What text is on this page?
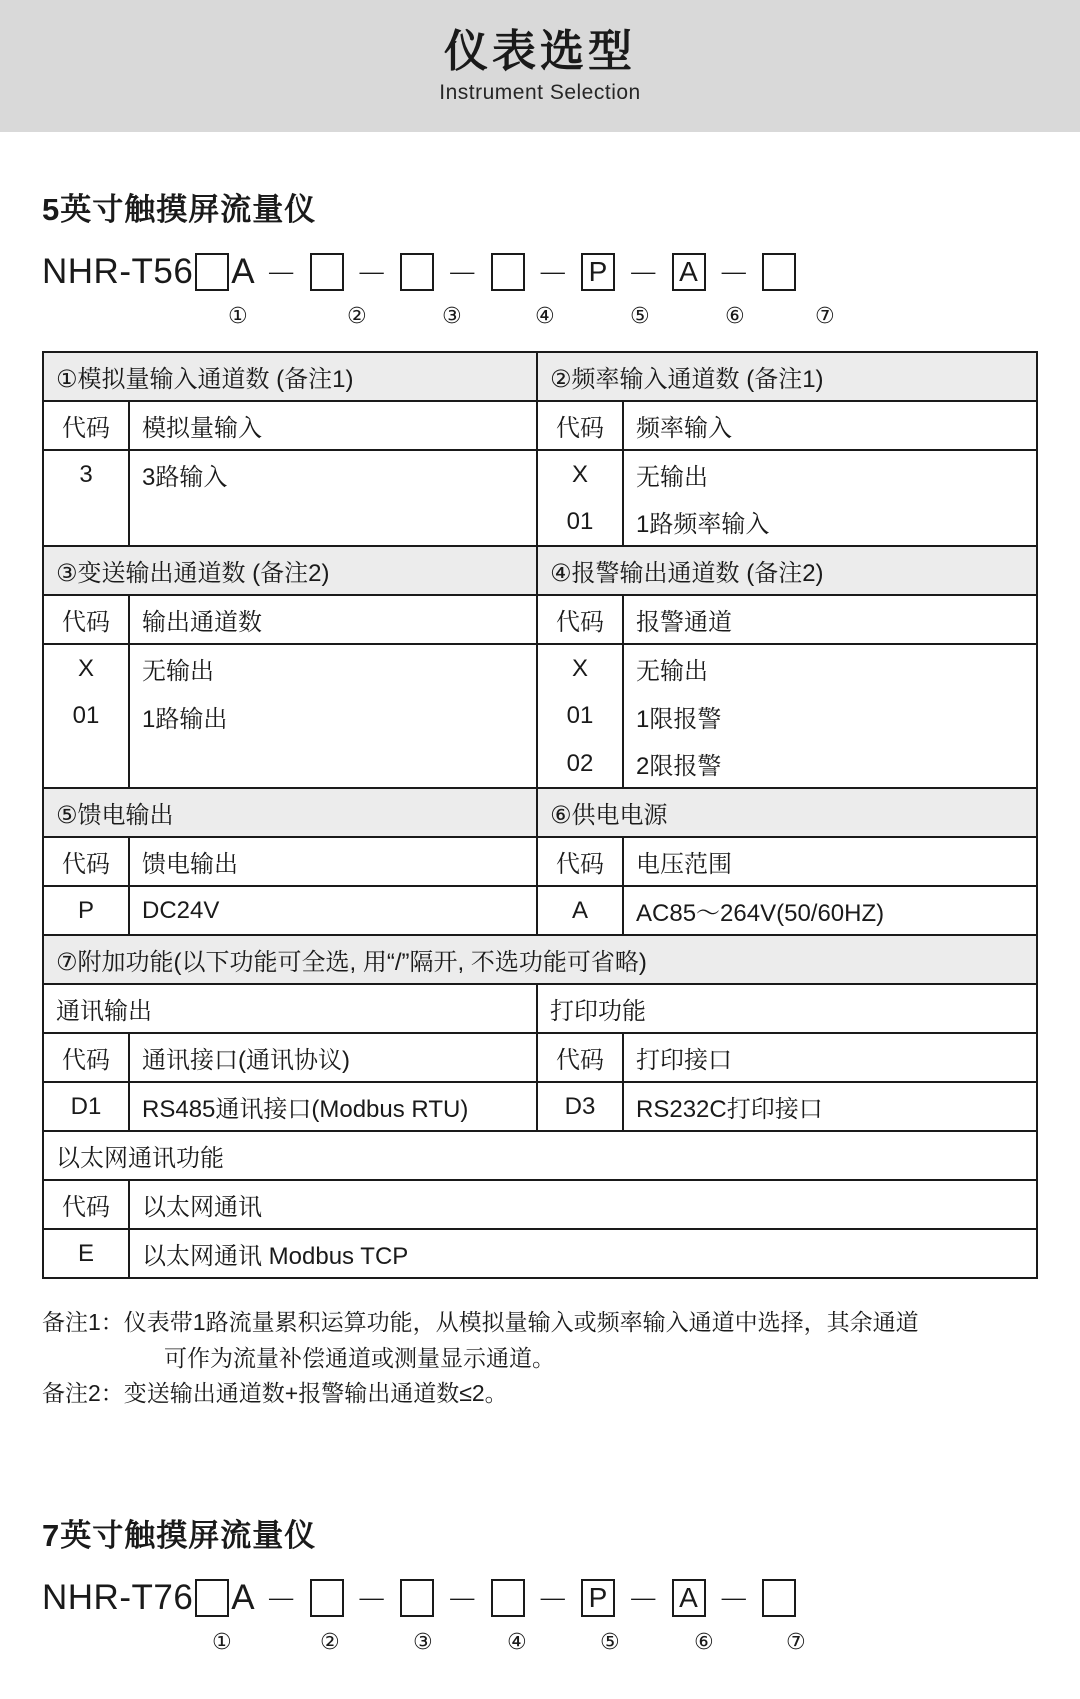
仪表选型
Instrument Selection
5英寸触摸屏流量仪
NHR-T56 A －	－	－	－ P － A －
①	②	③	④	⑤	⑥	⑦
①模拟量输入通道数 (备注1)		②频率输入通道数 (备注1)	
代码	模拟量输入	代码	频率输入
3	3路输入	X	无输出
		01	1路频率输入
③变送输出通道数 (备注2)		④报警输出通道数 (备注2)	
代码	输出通道数	代码	报警通道
X	无输出	X	无输出
01	1路输出	01	1限报警
		02	2限报警
⑤馈电输出		⑥供电电源	
代码	馈电输出	代码	电压范围
P	DC24V	A	AC85～264V(50/60HZ)
⑦附加功能(以下功能可全选, 用“/”隔开, 不选功能可省略)			
通讯输出		打印功能	
代码	通讯接口(通讯协议)	代码	打印接口
D1	RS485通讯接口(Modbus RTU)	D3	RS232C打印接口
以太网通讯功能			
代码	以太网通讯		
E	以太网通讯 Modbus TCP		
备注1： 仪表带1路流量累积运算功能，从模拟量输入或频率输入通道中选择，其余通道
可作为流量补偿通道或测量显示通道。
备注2： 变送输出通道数+报警输出通道数≤2。
7英寸触摸屏流量仪
NHR-T76 A －	－	－	－ P － A －
①	②	③	④	⑤	⑥	⑦
